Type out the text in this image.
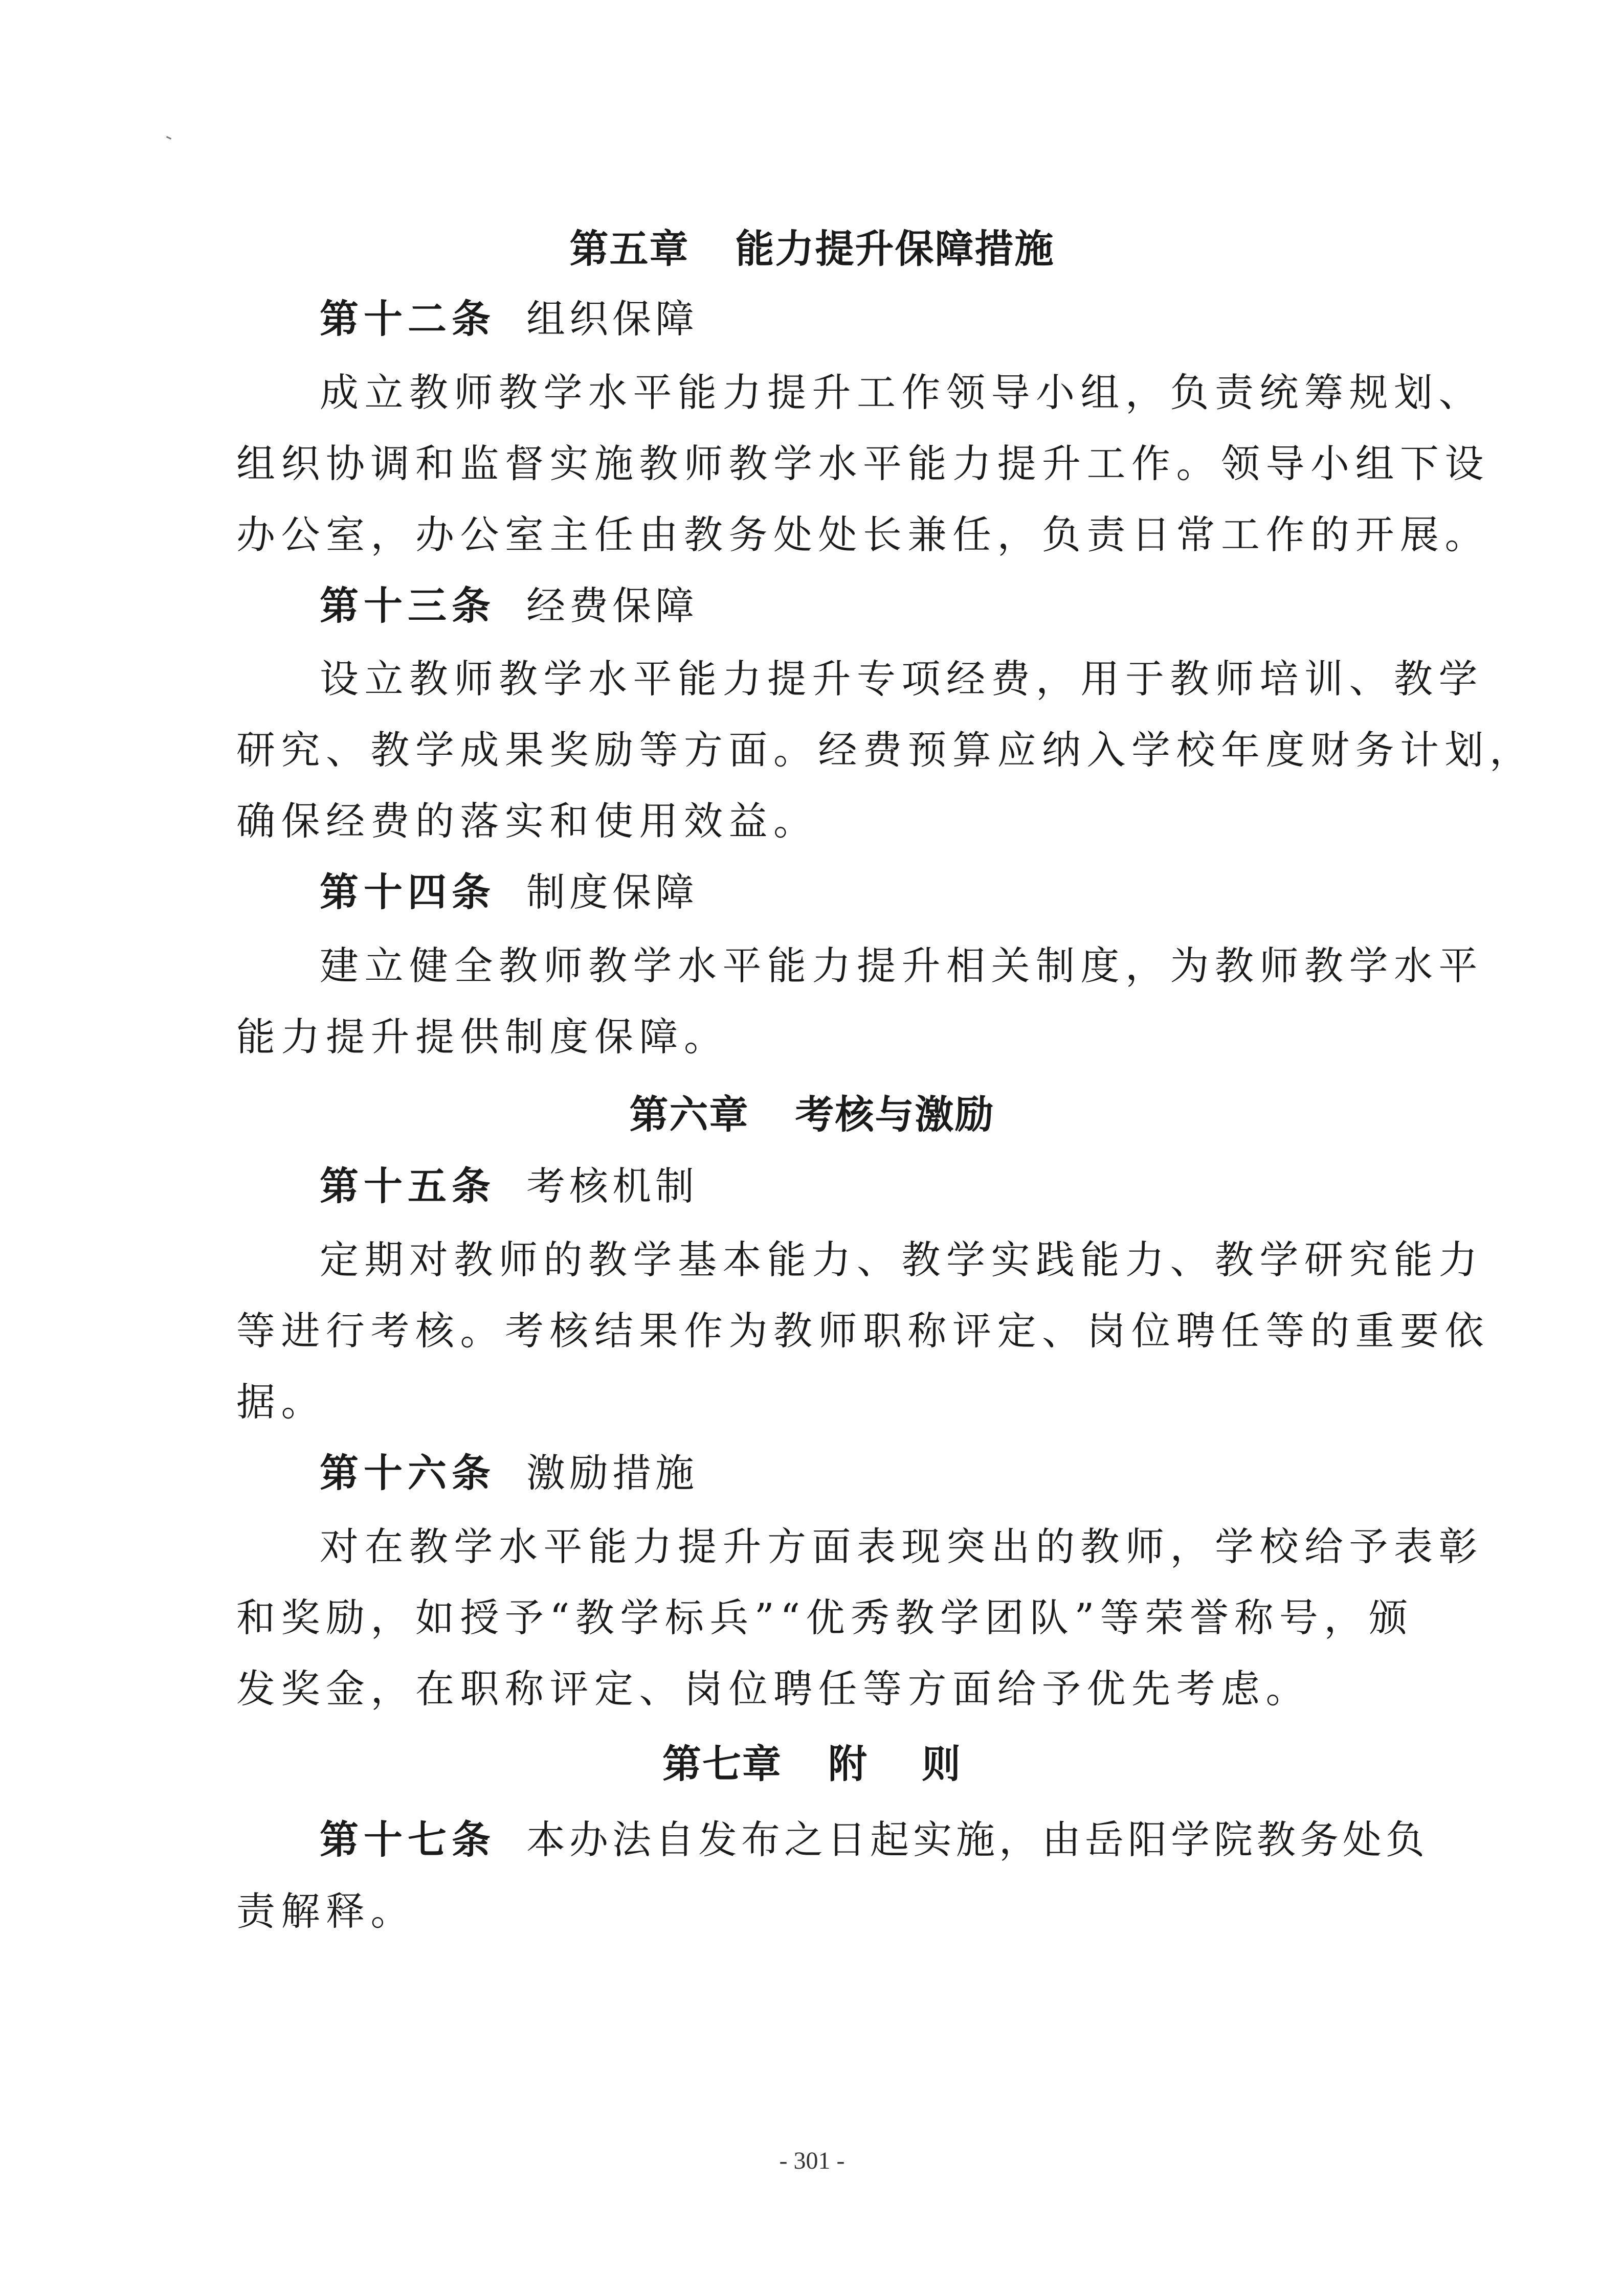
第五章 能力提升保障措施
第十二条 组织保障
成立教师教学水平能力提升工作领导小组，负责统筹规划、
组织协调和监督实施教师教学水平能力提升工作。领导小组下设
办公室，办公室主任由教务处处长兼任，负责日常工作的开展。
第十三条 经费保障
设立教师教学水平能力提升专项经费，用于教师培训、教学
研究、教学成果奖励等方面。经费预算应纳入学校年度财务计划，
确保经费的落实和使用效益。
第十四条 制度保障
建立健全教师教学水平能力提升相关制度，为教师教学水平
能力提升提供制度保障。
第六章 考核与激励
第十五条 考核机制
定期对教师的教学基本能力、教学实践能力、教学研究能力
等进行考核。考核结果作为教师职称评定、岗位聘任等的重要依
据。
第十六条 激励措施
对在教学水平能力提升方面表现突出的教师，学校给予表彰
和奖励，如授予“教学标兵”“优秀教学团队”等荣誉称号，颁
发奖金，在职称评定、岗位聘任等方面给予优先考虑。
第七章 附 则
第十七条 本办法自发布之日起实施，由岳阳学院教务处负
责解释。
- 301 -
